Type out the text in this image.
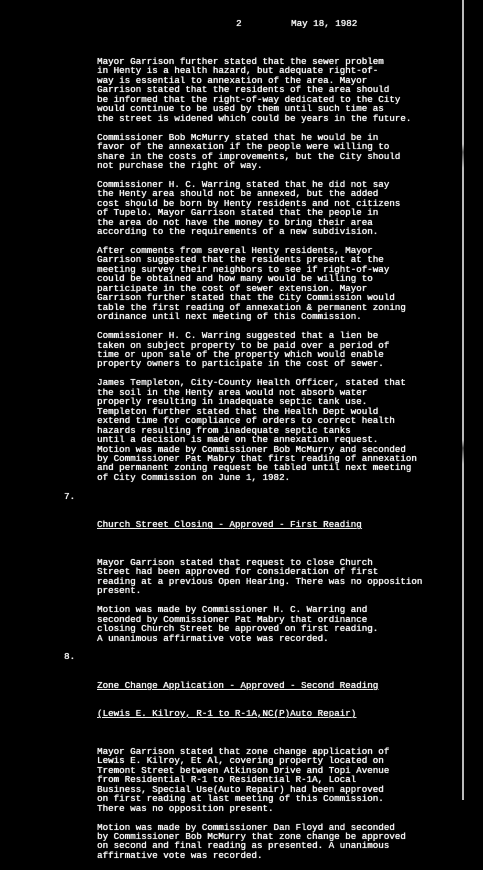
2	May 18, 1982
Mayor Garrison further stated that the sewer problem
in Henty is a health hazard, but adequate right-of-
way is essential to annexation of the area. Mayor
Garrison stated that the residents of the area should
be informed that the right-of-way dedicated to the City
would continue to be used by them until such time as
the street is widened which could be years in the future.
Commissioner Bob McMurry stated that he would be in
favor of the annexation if the people were willing to
share in the costs of improvements, but the City should
not purchase the right of way.
Commissioner H. C. Warring stated that he did not say
the Henty area should not be annexed, but the added
cost should be born by Henty residents and not citizens
of Tupelo. Mayor Garrison stated that the people in
the area do not have the money to bring their area
according to the requirements of a new subdivision.
After comments from several Henty residents, Mayor
Garrison suggested that the residents present at the
meeting survey their neighbors to see if right-of-way
could be obtained and how many would be willing to
participate in the cost of sewer extension. Mayor
Garrison further stated that the City Commission would
table the first reading of annexation & permanent zoning
ordinance until next meeting of this Commission.
Commissioner H. C. Warring suggested that a lien be
taken on subject property to be paid over a period of
time or upon sale of the property which would enable
property owners to participate in the cost of sewer.
James Templeton, City-County Health Officer, stated that
the soil in the Henty area would not absorb water
properly resulting in inadequate septic tank use.
Templeton further stated that the Health Dept would
extend time for compliance of orders to correct health
hazards resulting from inadequate septic tanks
until a decision is made on the annexation request.
Motion was made by Commissioner Bob McMurry and seconded
by Commissioner Pat Mabry that first reading of annexation
and permanent zoning request be tabled until next meeting
of City Commission on June 1, 1982.

7.

Church Street Closing - Approved - First Reading

Mayor Garrison stated that request to close Church
Street had been approved for consideration of first
reading at a previous Open Hearing. There was no opposition
present.
Motion was made by Commissioner H. C. Warring and
seconded by Commissioner Pat Mabry that ordinance
closing Church Street be approved on first reading.
A unanimous affirmative vote was recorded.

8.

Zone Change Application - Approved - Second Reading

(Lewis E. Kilroy, R-1 to R-1A,NC(P)Auto Repair)

Mayor Garrison stated that zone change application of
Lewis E. Kilroy, Et Al, covering property located on
Tremont Street between Atkinson Drive and Topi Avenue
from Residential R-1 to Residential R-1A, Local
Business, Special Use(Auto Repair) had been approved
on first reading at last meeting of this Commission.
There was no opposition present.
Motion was made by Commissioner Dan Floyd and seconded
by Commissioner Bob McMurry that zone change be approved
on second and final reading as presented. A unanimous
affirmative vote was recorded.
